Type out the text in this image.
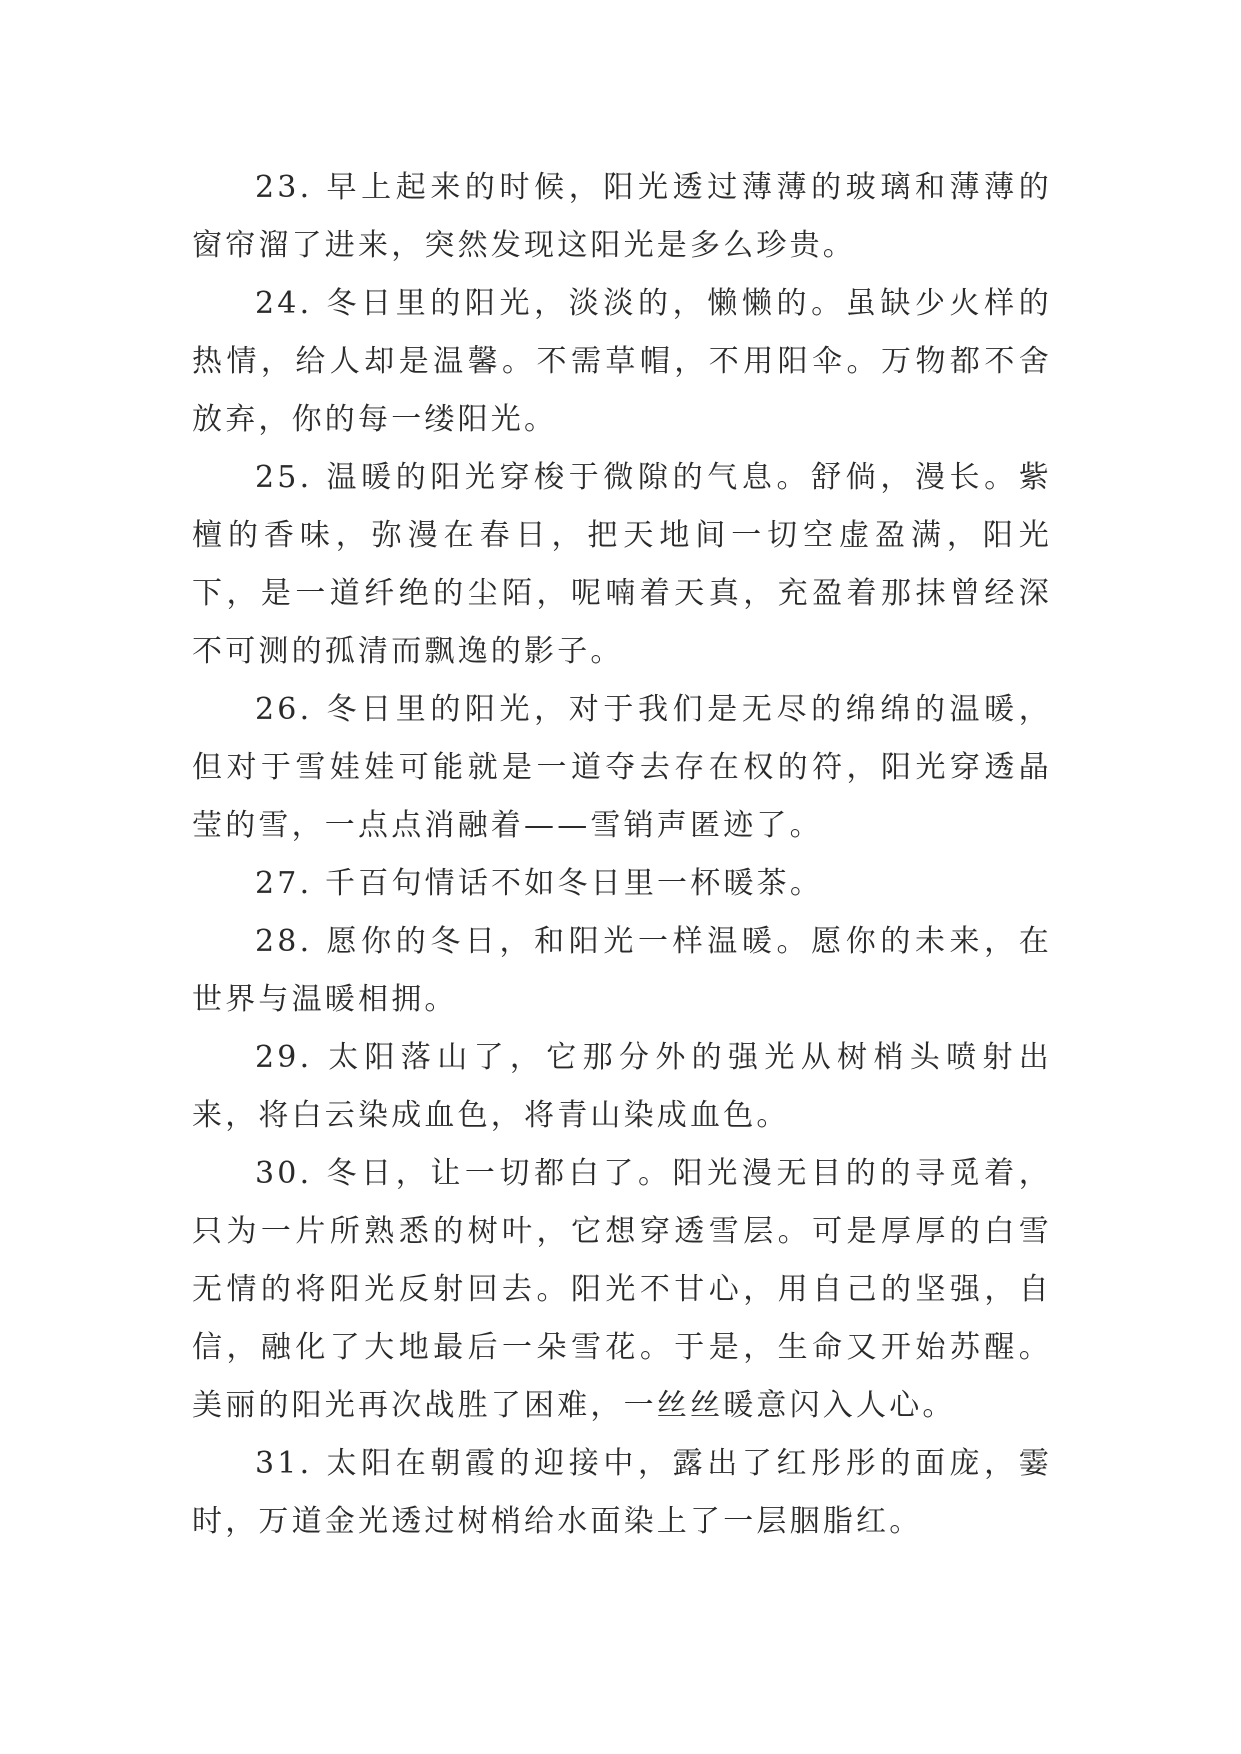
23. 早上起来的时候，阳光透过薄薄的玻璃和薄薄的窗帘溜了进来，突然发现这阳光是多么珍贵。

24. 冬日里的阳光，淡淡的，懒懒的。虽缺少火样的热情，给人却是温馨。不需草帽，不用阳伞。万物都不舍放弃，你的每一缕阳光。

25. 温暖的阳光穿梭于微隙的气息。舒倘，漫长。紫檀的香味，弥漫在春日，把天地间一切空虚盈满，阳光下，是一道纤绝的尘陌，呢喃着天真，充盈着那抹曾经深不可测的孤清而飘逸的影子。

26. 冬日里的阳光，对于我们是无尽的绵绵的温暖，但对于雪娃娃可能就是一道夺去存在权的符，阳光穿透晶莹的雪，一点点消融着——雪销声匿迹了。

27. 千百句情话不如冬日里一杯暖茶。

28. 愿你的冬日，和阳光一样温暖。愿你的未来，在世界与温暖相拥。

29. 太阳落山了，它那分外的强光从树梢头喷射出来，将白云染成血色，将青山染成血色。

30. 冬日，让一切都白了。阳光漫无目的的寻觅着，只为一片所熟悉的树叶，它想穿透雪层。可是厚厚的白雪无情的将阳光反射回去。阳光不甘心，用自己的坚强，自信，融化了大地最后一朵雪花。于是，生命又开始苏醒。美丽的阳光再次战胜了困难，一丝丝暖意闪入人心。

31. 太阳在朝霞的迎接中，露出了红彤彤的面庞，霎时，万道金光透过树梢给水面染上了一层胭脂红。
